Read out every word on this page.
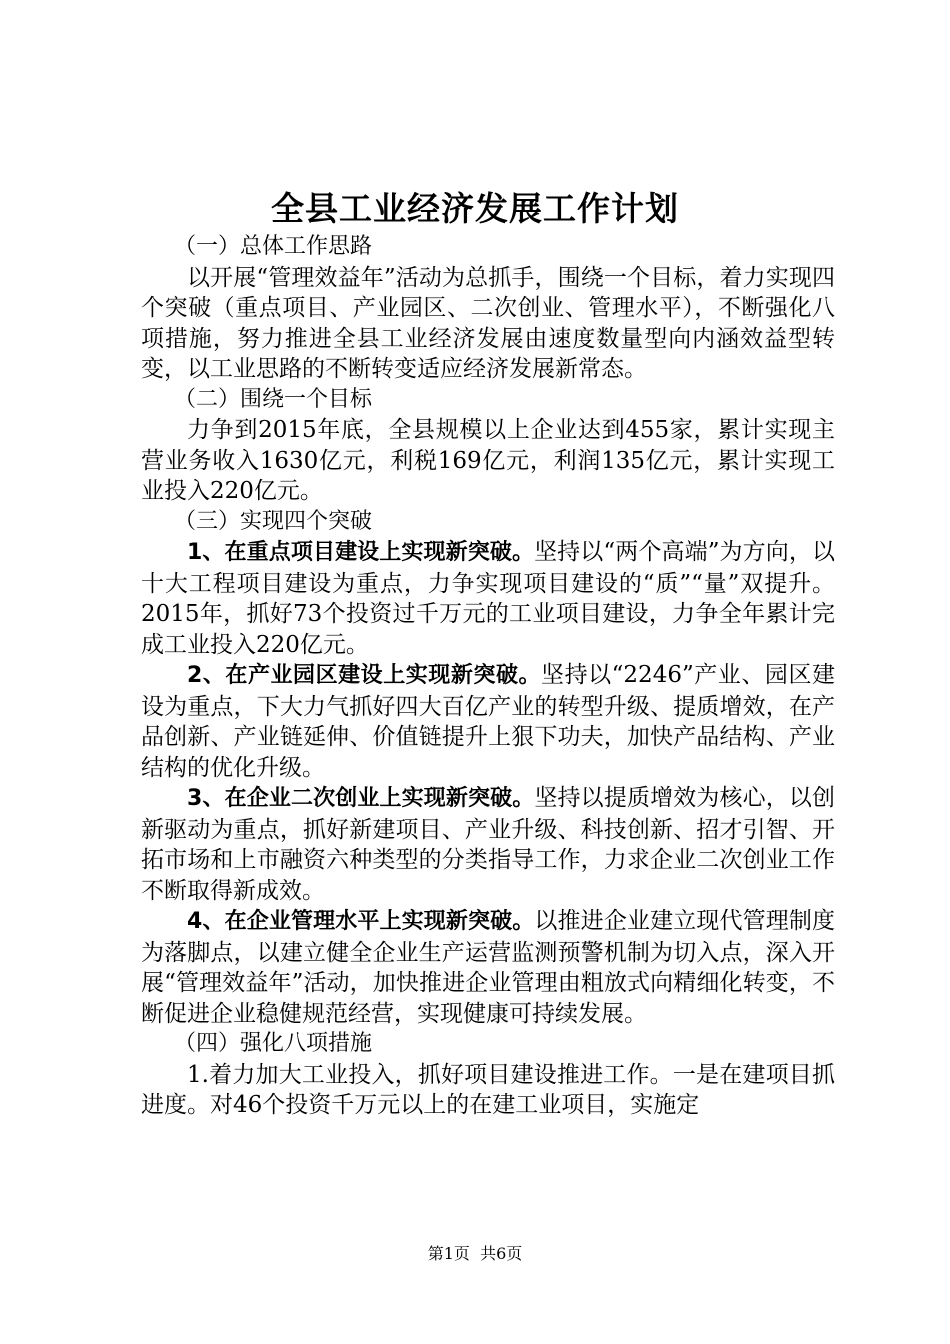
全县工业经济发展工作计划

（一）总体工作思路

以开展“管理效益年”活动为总抓手，围绕一个目标，着力实现四个突破（重点项目、产业园区、二次创业、管理水平），不断强化八项措施，努力推进全县工业经济发展由速度数量型向内涵效益型转变，以工业思路的不断转变适应经济发展新常态。

（二）围绕一个目标

力争到2015年底，全县规模以上企业达到455家，累计实现主营业务收入1630亿元，利税169亿元，利润135亿元，累计实现工业投入220亿元。

（三）实现四个突破

1、在重点项目建设上实现新突破。坚持以“两个高端”为方向，以十大工程项目建设为重点，力争实现项目建设的“质”“量”双提升。2015年，抓好73个投资过千万元的工业项目建设，力争全年累计完成工业投入220亿元。

2、在产业园区建设上实现新突破。坚持以“2246”产业、园区建设为重点，下大力气抓好四大百亿产业的转型升级、提质增效，在产品创新、产业链延伸、价值链提升上狠下功夫，加快产品结构、产业结构的优化升级。

3、在企业二次创业上实现新突破。坚持以提质增效为核心，以创新驱动为重点，抓好新建项目、产业升级、科技创新、招才引智、开拓市场和上市融资六种类型的分类指导工作，力求企业二次创业工作不断取得新成效。

4、在企业管理水平上实现新突破。以推进企业建立现代管理制度为落脚点，以建立健全企业生产运营监测预警机制为切入点，深入开展“管理效益年”活动，加快推进企业管理由粗放式向精细化转变，不断促进企业稳健规范经营，实现健康可持续发展。

（四）强化八项措施

1.着力加大工业投入，抓好项目建设推进工作。一是在建项目抓进度。对46个投资千万元以上的在建工业项目，实施定

第1页 共6页
